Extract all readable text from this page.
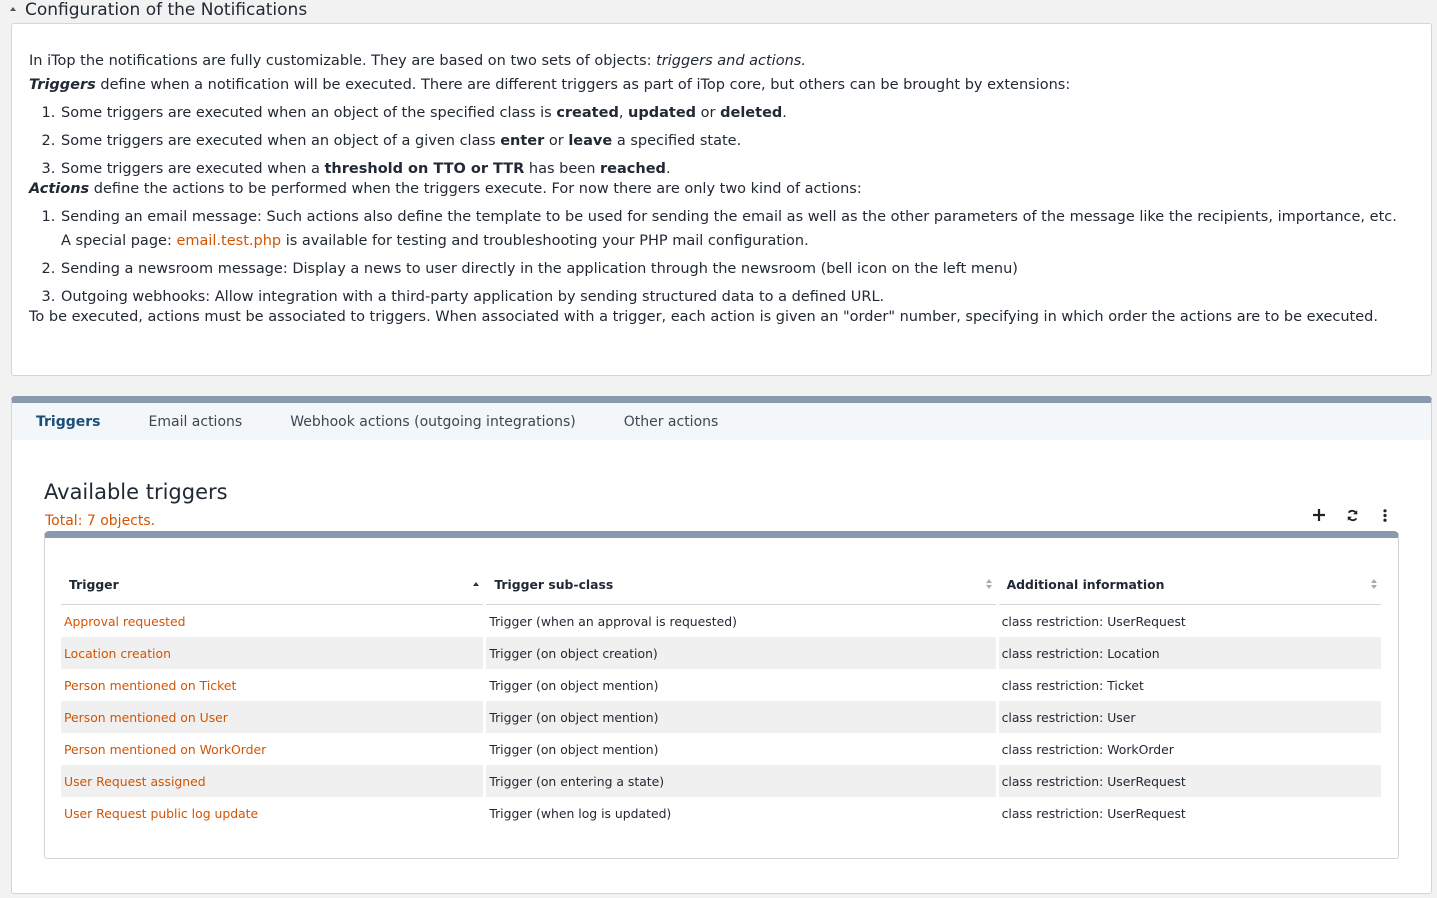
Configuration of the Notifications

In iTop the notifications are fully customizable. They are based on two sets of objects: triggers and actions.

Triggers define when a notification will be executed. There are different triggers as part of iTop core, but others can be brought by extensions:

1. Some triggers are executed when an object of the specified class is created, updated or deleted.
2. Some triggers are executed when an object of a given class enter or leave a specified state.
3. Some triggers are executed when a threshold on TTO or TTR has been reached.

Actions define the actions to be performed when the triggers execute. For now there are only two kind of actions:

1. Sending an email message: Such actions also define the template to be used for sending the email as well as the other parameters of the message like the recipients, importance, etc.
A special page: email.test.php is available for testing and troubleshooting your PHP mail configuration.
2. Sending a newsroom message: Display a news to user directly in the application through the newsroom (bell icon on the left menu)
3. Outgoing webhooks: Allow integration with a third-party application by sending structured data to a defined URL.

To be executed, actions must be associated to triggers. When associated with a trigger, each action is given an "order" number, specifying in which order the actions are to be executed.

Triggers	Email actions	Webhook actions (outgoing integrations)	Other actions
Available triggers
Total: 7 objects.
Trigger	Trigger sub-class	Additional information

Approval requested	Trigger (when an approval is requested)	class restriction: UserRequest
Location creation	Trigger (on object creation)	class restriction: Location
Person mentioned on Ticket	Trigger (on object mention)	class restriction: Ticket
Person mentioned on User	Trigger (on object mention)	class restriction: User
Person mentioned on WorkOrder	Trigger (on object mention)	class restriction: WorkOrder
User Request assigned	Trigger (on entering a state)	class restriction: UserRequest
User Request public log update	Trigger (when log is updated)	class restriction: UserRequest
